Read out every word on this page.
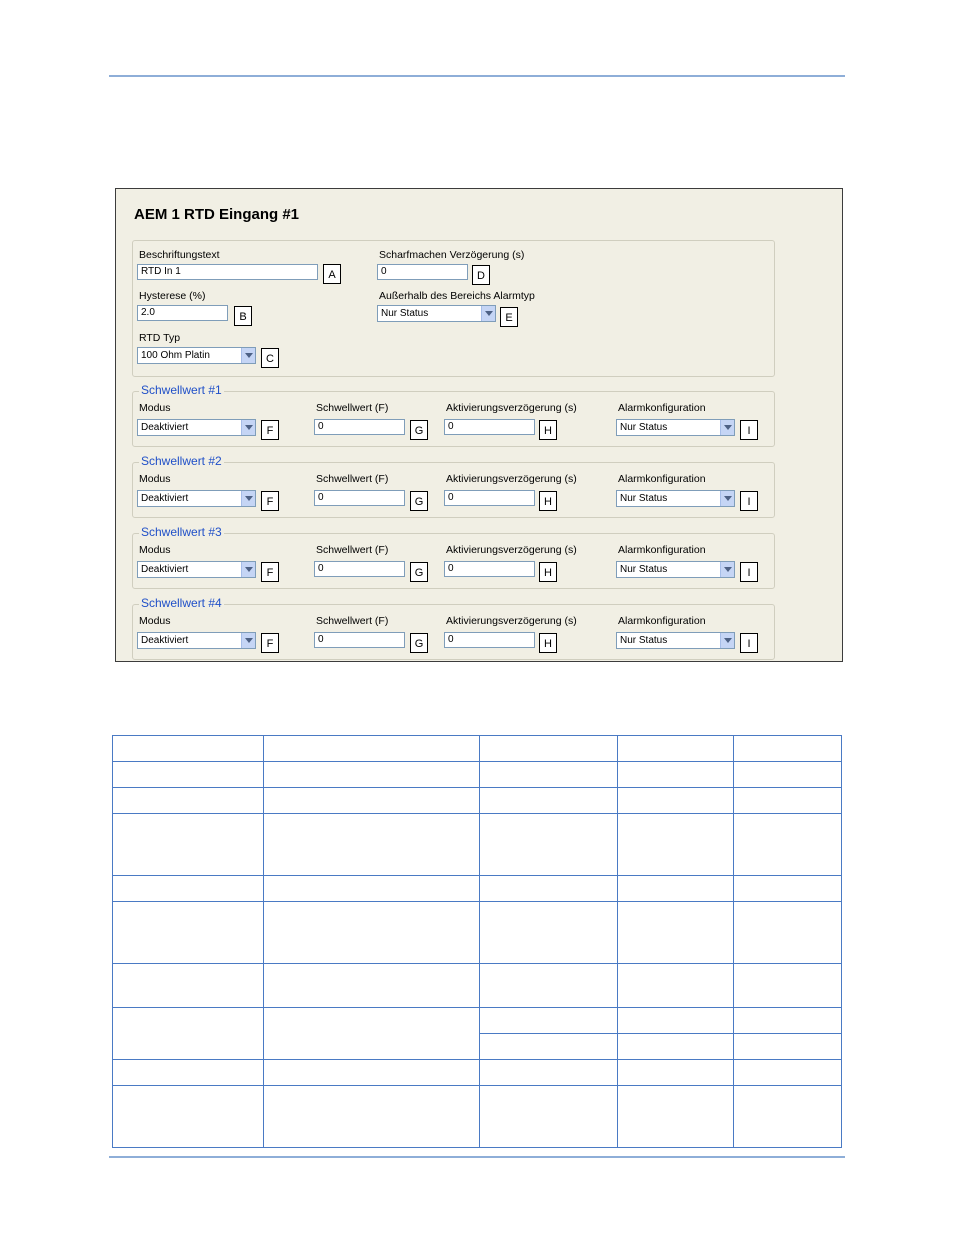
AEM 1 RTD Eingang #1
Beschriftungstext
RTD In 1	A
Hysterese (%)
2.0	B
RTD Typ
100 Ohm Platin	C
Scharfmachen Verzögerung (s)
0	D
Außerhalb des Bereichs Alarmtyp
Nur Status	E
Schwellwert #1
Modus
Deaktiviert	F
Schwellwert (F)
0	G
Aktivierungsverzögerung (s)
0	H
Alarmkonfiguration
Nur Status	I
Schwellwert #2
Modus
Deaktiviert	F
Schwellwert (F)
0	G
Aktivierungsverzögerung (s)
0	H
Alarmkonfiguration
Nur Status	I
Schwellwert #3
Modus
Deaktiviert	F
Schwellwert (F)
0	G
Aktivierungsverzögerung (s)
0	H
Alarmkonfiguration
Nur Status	I
Schwellwert #4
Modus
Deaktiviert	F
Schwellwert (F)
0	G
Aktivierungsverzögerung (s)
0	H
Alarmkonfiguration
Nur Status	I
